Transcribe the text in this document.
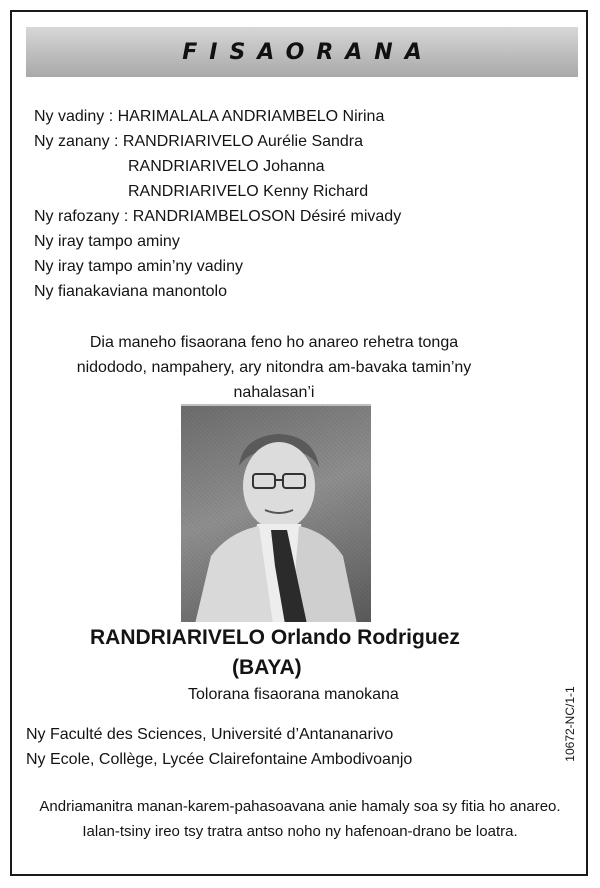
FISAORANA
Ny vadiny : HARIMALALA ANDRIAMBELO Nirina
Ny zanany : RANDRIARIVELO Aurélie Sandra
RANDRIARIVELO Johanna
RANDRIARIVELO Kenny Richard
Ny rafozany : RANDRIAMBELOSON Désiré mivady
Ny iray tampo aminy
Ny iray tampo amin’ny vadiny
Ny fianakaviana manontolo
Dia maneho fisaorana feno ho anareo rehetra tonga
nidododo, nampahery, ary nitondra am-bavaka tamin’ny
nahalasan’i
RANDRIARIVELO Orlando Rodriguez
(BAYA)
Tolorana fisaorana manokana
Ny Faculté des Sciences, Université d’Antananarivo
Ny Ecole, Collège, Lycée Clairefontaine Ambodivoanjo	10672-NC/1-1
Andriamanitra manan-karem-pahasoavana anie hamaly soa sy fitia ho anareo.
Ialan-tsiny ireo tsy tratra antso noho ny hafenoan-drano be loatra.
